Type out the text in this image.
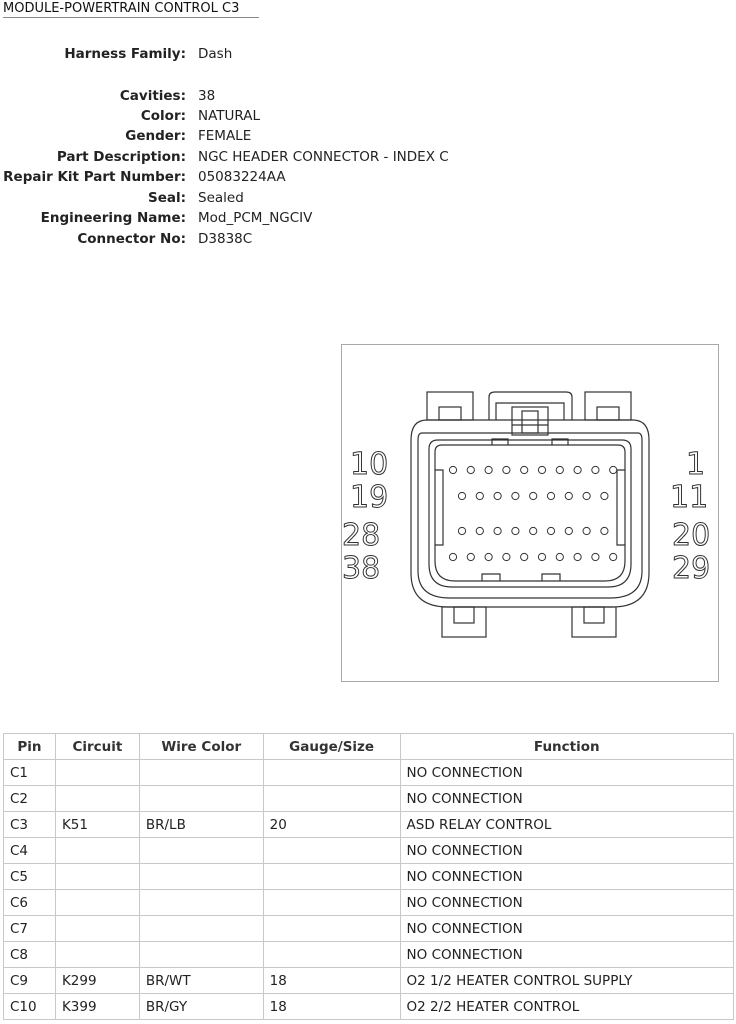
MODULE-POWERTRAIN CONTROL C3
Harness Family: Dash
Cavities: 38
Color: NATURAL
Gender: FEMALE
Part Description: NGC HEADER CONNECTOR - INDEX C
Repair Kit Part Number: 05083224AA
Seal: Sealed
Engineering Name: Mod_PCM_NGCIV
Connector No: D3838C
10
19
28
38
1
11
20
29
Pin	Circuit	Wire Color	Gauge/Size	Function
C1				NO CONNECTION
C2				NO CONNECTION
C3	K51	BR/LB	20	ASD RELAY CONTROL
C4				NO CONNECTION
C5				NO CONNECTION
C6				NO CONNECTION
C7				NO CONNECTION
C8				NO CONNECTION
C9	K299	BR/WT	18	O2 1/2 HEATER CONTROL SUPPLY
C10	K399	BR/GY	18	O2 2/2 HEATER CONTROL
